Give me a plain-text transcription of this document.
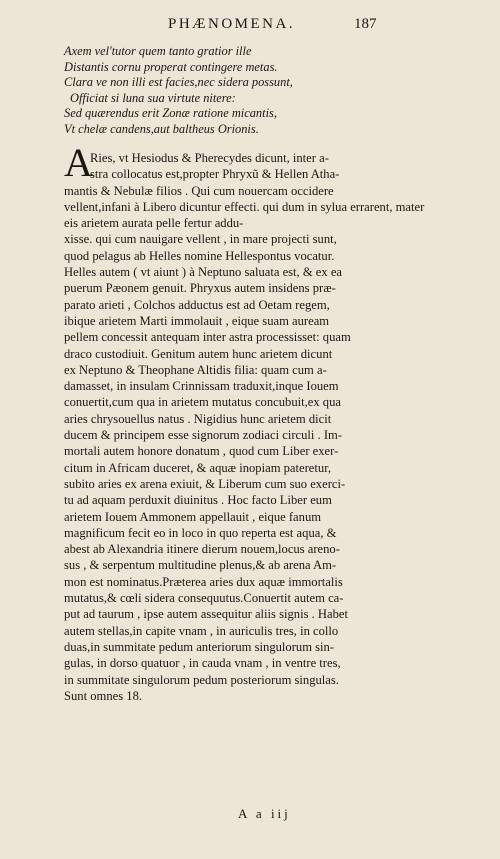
PHÆNOMENA.	187
Axem vel'tutor quem tanto gratior ille
Distantis cornu properat contingere metas.
Clara ve non illi est facies,nec sidera possunt,
Officiat si luna sua virtute nitere:
Sed quærendus erit Zonæ ratione micantis,
Vt chelæ candens,aut baltheus Orionis.
A
Ries, vt Hesiodus & Pherecydes dicunt, inter a-
stra collocatus est,propter Phryxũ & Hellen Atha-
mantis & Nebulæ filios . Qui cum nouercam occidere
vellent,infani à Libero dicuntur effecti. qui dum in sylua errarent, mater eis arietem aurata pelle fertur addu-
xisse. qui cum nauigare vellent , in mare projecti sunt,
quod pelagus ab Helles nomine Hellespontus vocatur.
Helles autem ( vt aiunt ) à Neptuno saluata est, & ex ea
puerum Pæonem genuit. Phryxus autem insidens præ-
parato arieti , Colchos adductus est ad Oetam regem,
ibique arietem Marti immolauit , eique suam auream
pellem concessit antequam inter astra processisset: quam
draco custodiuit. Genitum autem hunc arietem dicunt
ex Neptuno & Theophane Altidis filia: quam cum a-
damasset, in insulam Crinnissam traduxit,inque Iouem
conuertit,cum qua in arietem mutatus concubuit,ex qua
aries chrysouellus natus . Nigidius hunc arietem dicit
ducem & principem esse signorum zodiaci circuli . Im-
mortali autem honore donatum , quod cum Liber exer-
citum in Africam duceret, & aquæ inopiam pateretur,
subito aries ex arena exiuit, & Liberum cum suo exerci-
tu ad aquam perduxit diuinitus . Hoc facto Liber eum
arietem Iouem Ammonem appellauit , eique fanum
magnificum fecit eo in loco in quo reperta est aqua, &
abest ab Alexandria itinere dierum nouem,locus areno-
sus , & serpentum multitudine plenus,& ab arena Am-
mon est nominatus.Præterea aries dux aquæ immortalis
mutatus,& cœli sidera consequutus.Conuertit autem ca-
put ad taurum , ipse autem assequitur aliis signis . Habet
autem stellas,in capite vnam , in auriculis tres, in collo
duas,in summitate pedum anteriorum singulorum sin-
gulas, in dorso quatuor , in cauda vnam , in ventre tres,
in summitate singulorum pedum posteriorum singulas.
Sunt omnes 18.
A a iij
